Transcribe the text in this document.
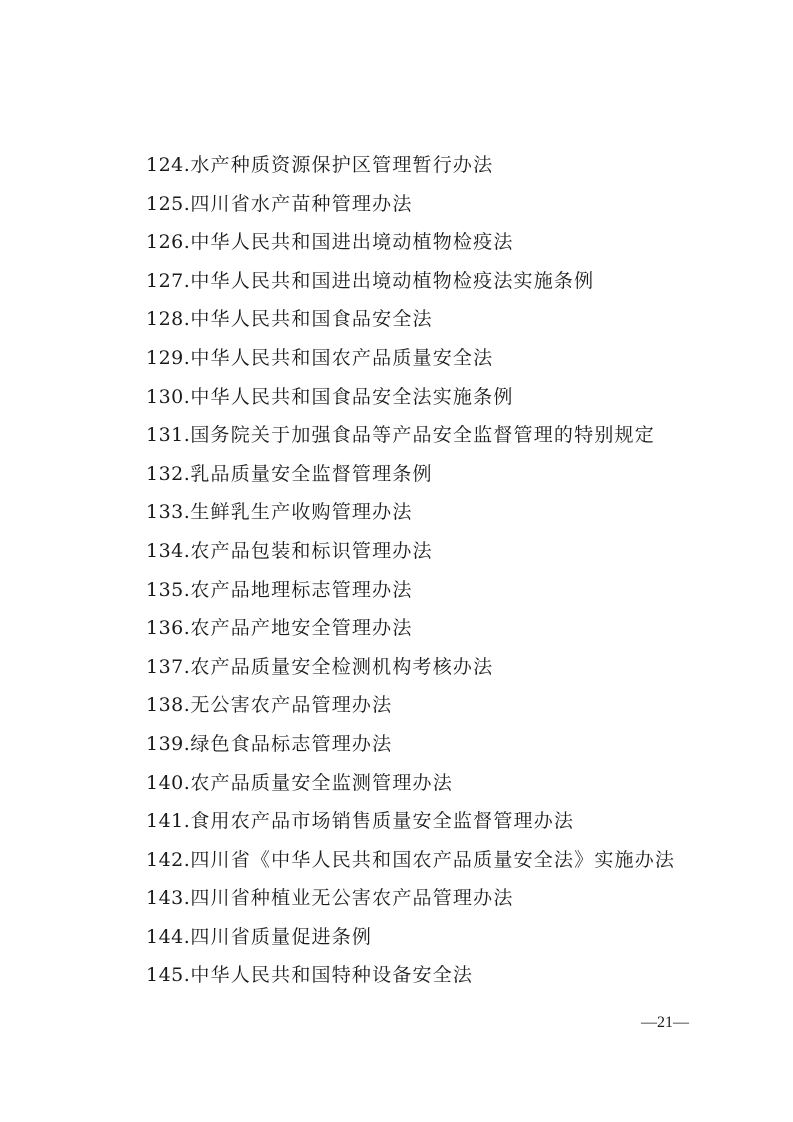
124.水产种质资源保护区管理暂行办法
125.四川省水产苗种管理办法
126.中华人民共和国进出境动植物检疫法
127.中华人民共和国进出境动植物检疫法实施条例
128.中华人民共和国食品安全法
129.中华人民共和国农产品质量安全法
130.中华人民共和国食品安全法实施条例
131.国务院关于加强食品等产品安全监督管理的特别规定
132.乳品质量安全监督管理条例
133.生鲜乳生产收购管理办法
134.农产品包装和标识管理办法
135.农产品地理标志管理办法
136.农产品产地安全管理办法
137.农产品质量安全检测机构考核办法
138.无公害农产品管理办法
139.绿色食品标志管理办法
140.农产品质量安全监测管理办法
141.食用农产品市场销售质量安全监督管理办法
142.四川省《中华人民共和国农产品质量安全法》实施办法
143.四川省种植业无公害农产品管理办法
144.四川省质量促进条例
145.中华人民共和国特种设备安全法
—21—
